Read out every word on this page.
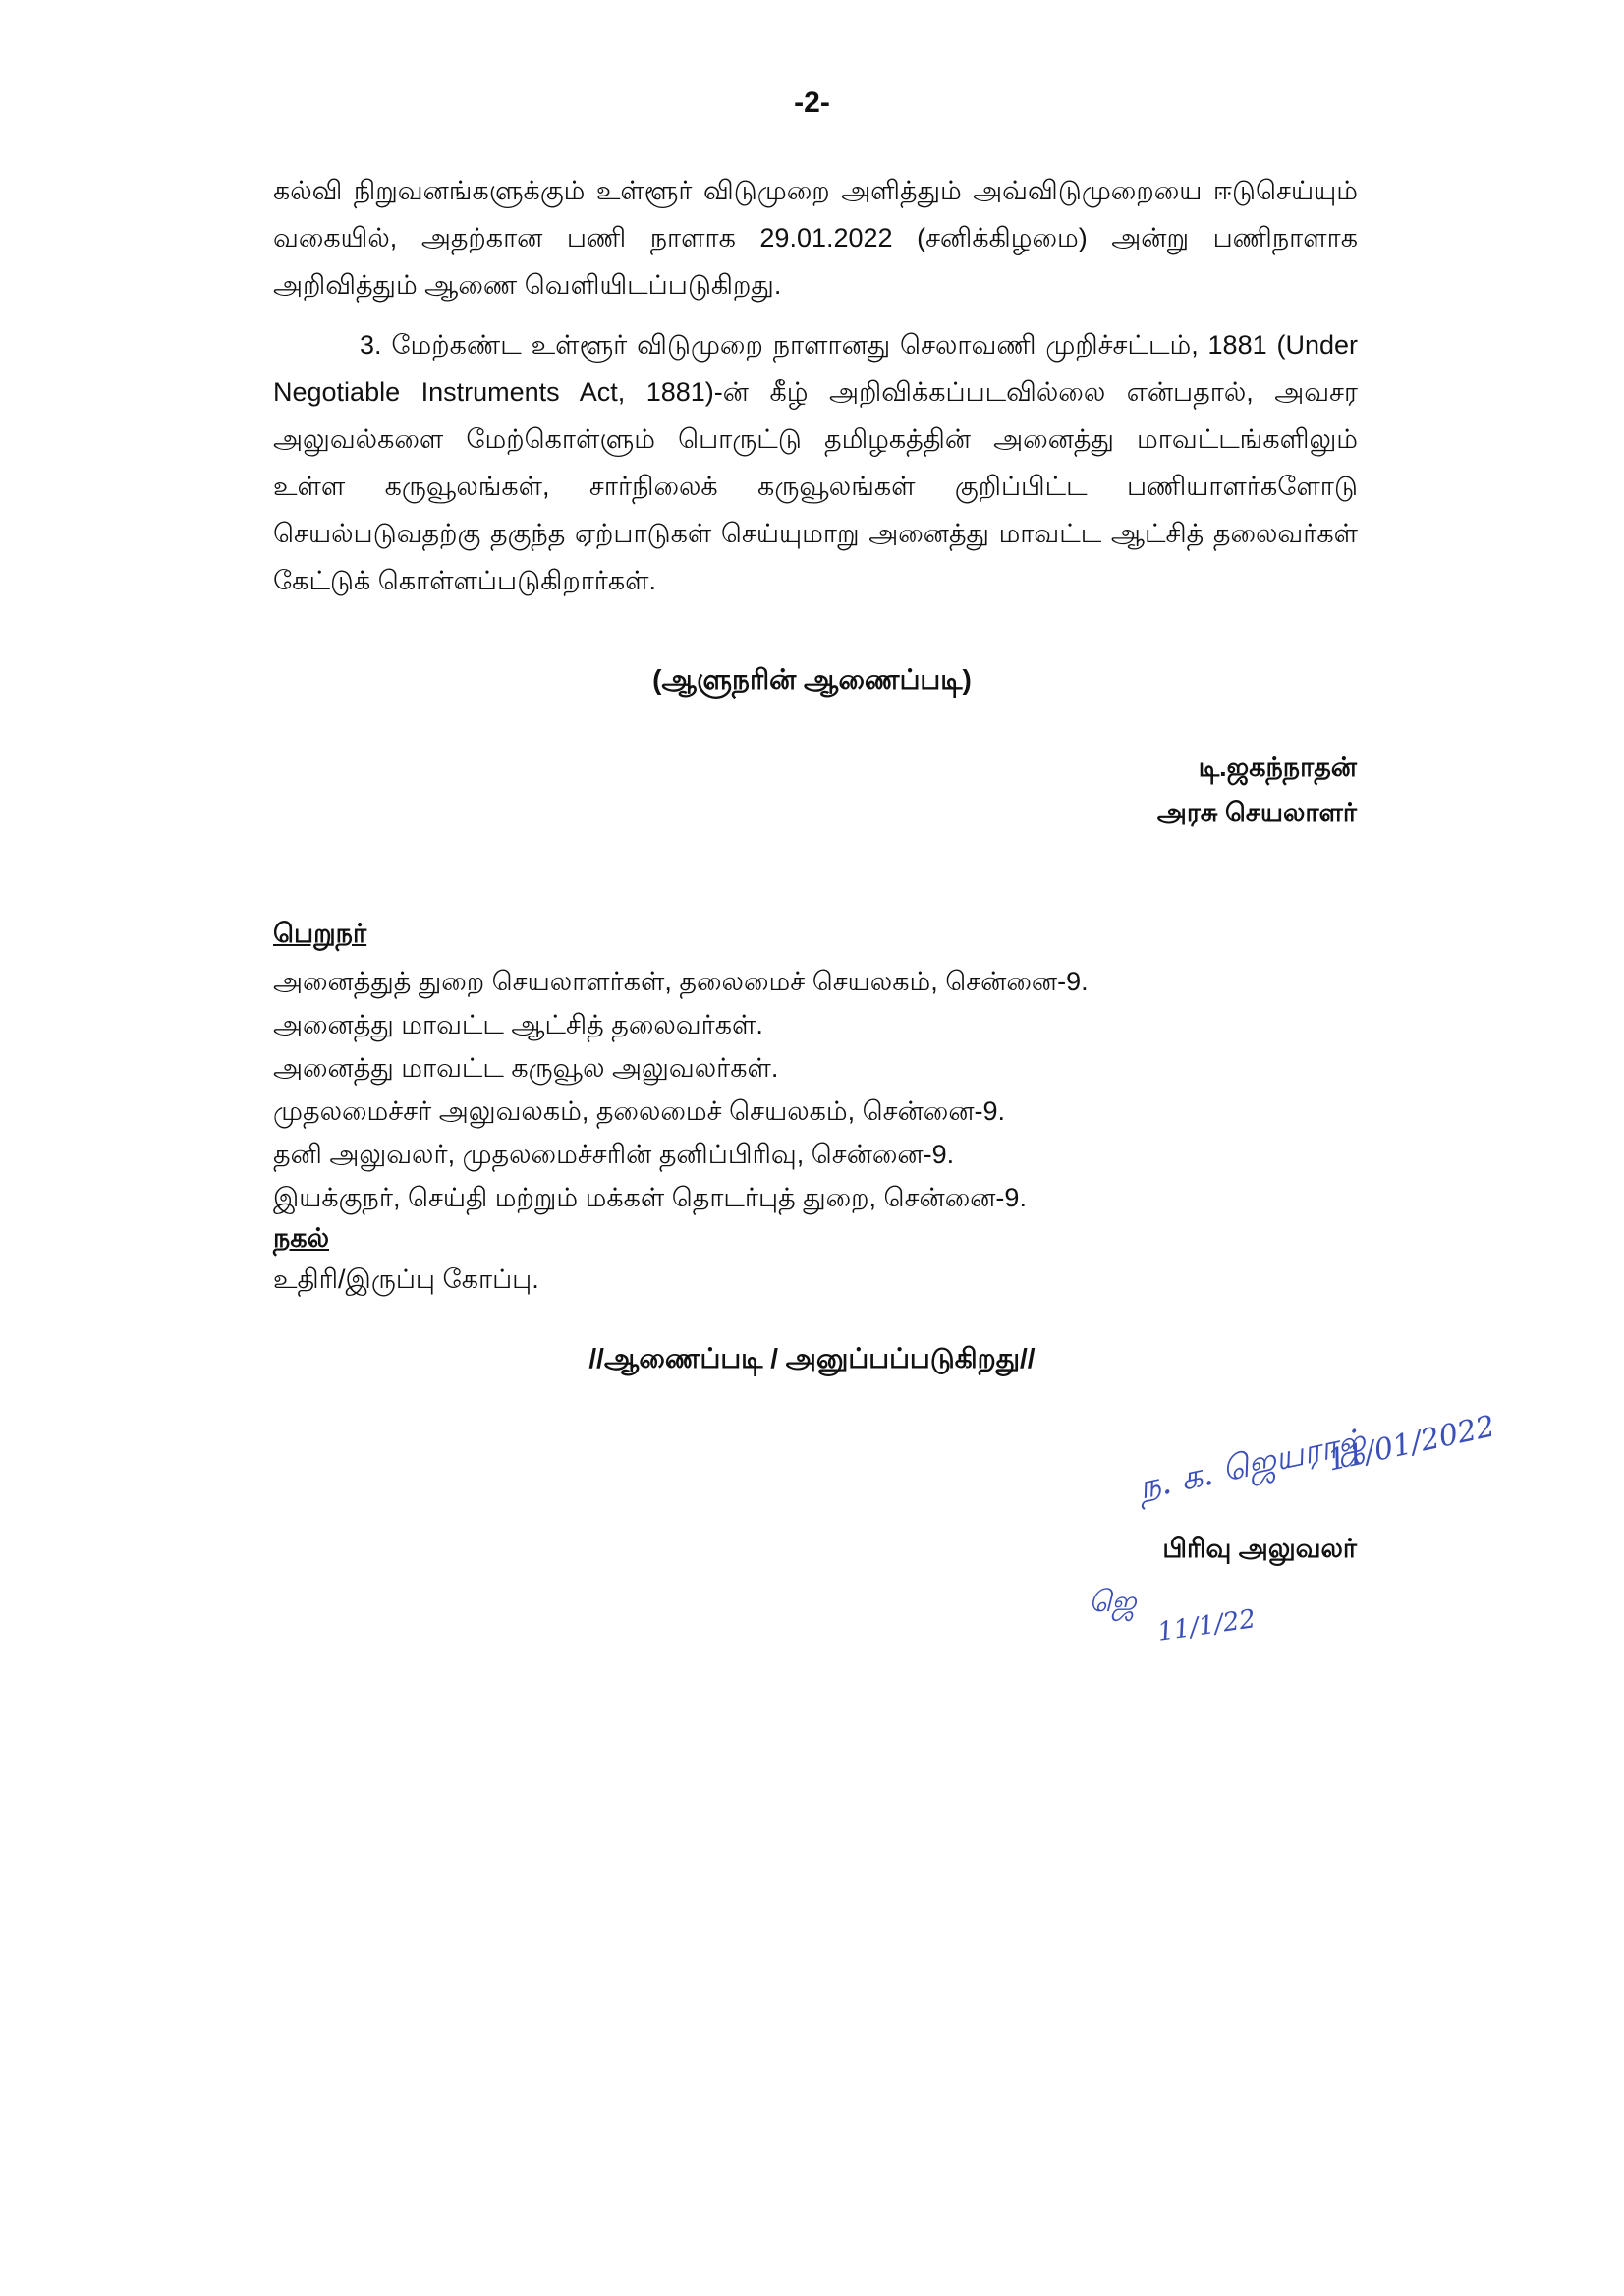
-2-

கல்வி நிறுவனங்களுக்கும் உள்ளூர் விடுமுறை அளித்தும் அவ்விடுமுறையை ஈடுசெய்யும் வகையில், அதற்கான பணி நாளாக 29.01.2022 (சனிக்கிழமை) அன்று பணிநாளாக அறிவித்தும் ஆணை வெளியிடப்படுகிறது.

3. மேற்கண்ட உள்ளூர் விடுமுறை நாளானது செலாவணி முறிச்சட்டம், 1881 (Under Negotiable Instruments Act, 1881)-ன் கீழ் அறிவிக்கப்படவில்லை என்பதால், அவசர அலுவல்களை மேற்கொள்ளும் பொருட்டு தமிழகத்தின் அனைத்து மாவட்டங்களிலும் உள்ள கருவூலங்கள், சார்நிலைக் கருவூலங்கள் குறிப்பிட்ட பணியாளர்களோடு செயல்படுவதற்கு தகுந்த ஏற்பாடுகள் செய்யுமாறு அனைத்து மாவட்ட ஆட்சித் தலைவர்கள் கேட்டுக் கொள்ளப்படுகிறார்கள்.

(ஆளுநரின் ஆணைப்படி)
டி.ஜகந்நாதன்
அரசு செயலாளர்
பெறுநர்
அனைத்துத் துறை செயலாளர்கள், தலைமைச் செயலகம், சென்னை-9.
அனைத்து மாவட்ட ஆட்சித் தலைவர்கள்.
அனைத்து மாவட்ட கருவூல அலுவலர்கள்.
முதலமைச்சர் அலுவலகம், தலைமைச் செயலகம், சென்னை-9.
தனி அலுவலர், முதலமைச்சரின் தனிப்பிரிவு, சென்னை-9.
இயக்குநர், செய்தி மற்றும் மக்கள் தொடர்புத் துறை, சென்னை-9.
நகல்
உதிரி/இருப்பு கோப்பு.
//ஆணைப்படி / அனுப்பப்படுகிறது//
ந. க. ஜெயராஜ்
11/01/2022
பிரிவு அலுவலர்
ஜெ
11/1/22
